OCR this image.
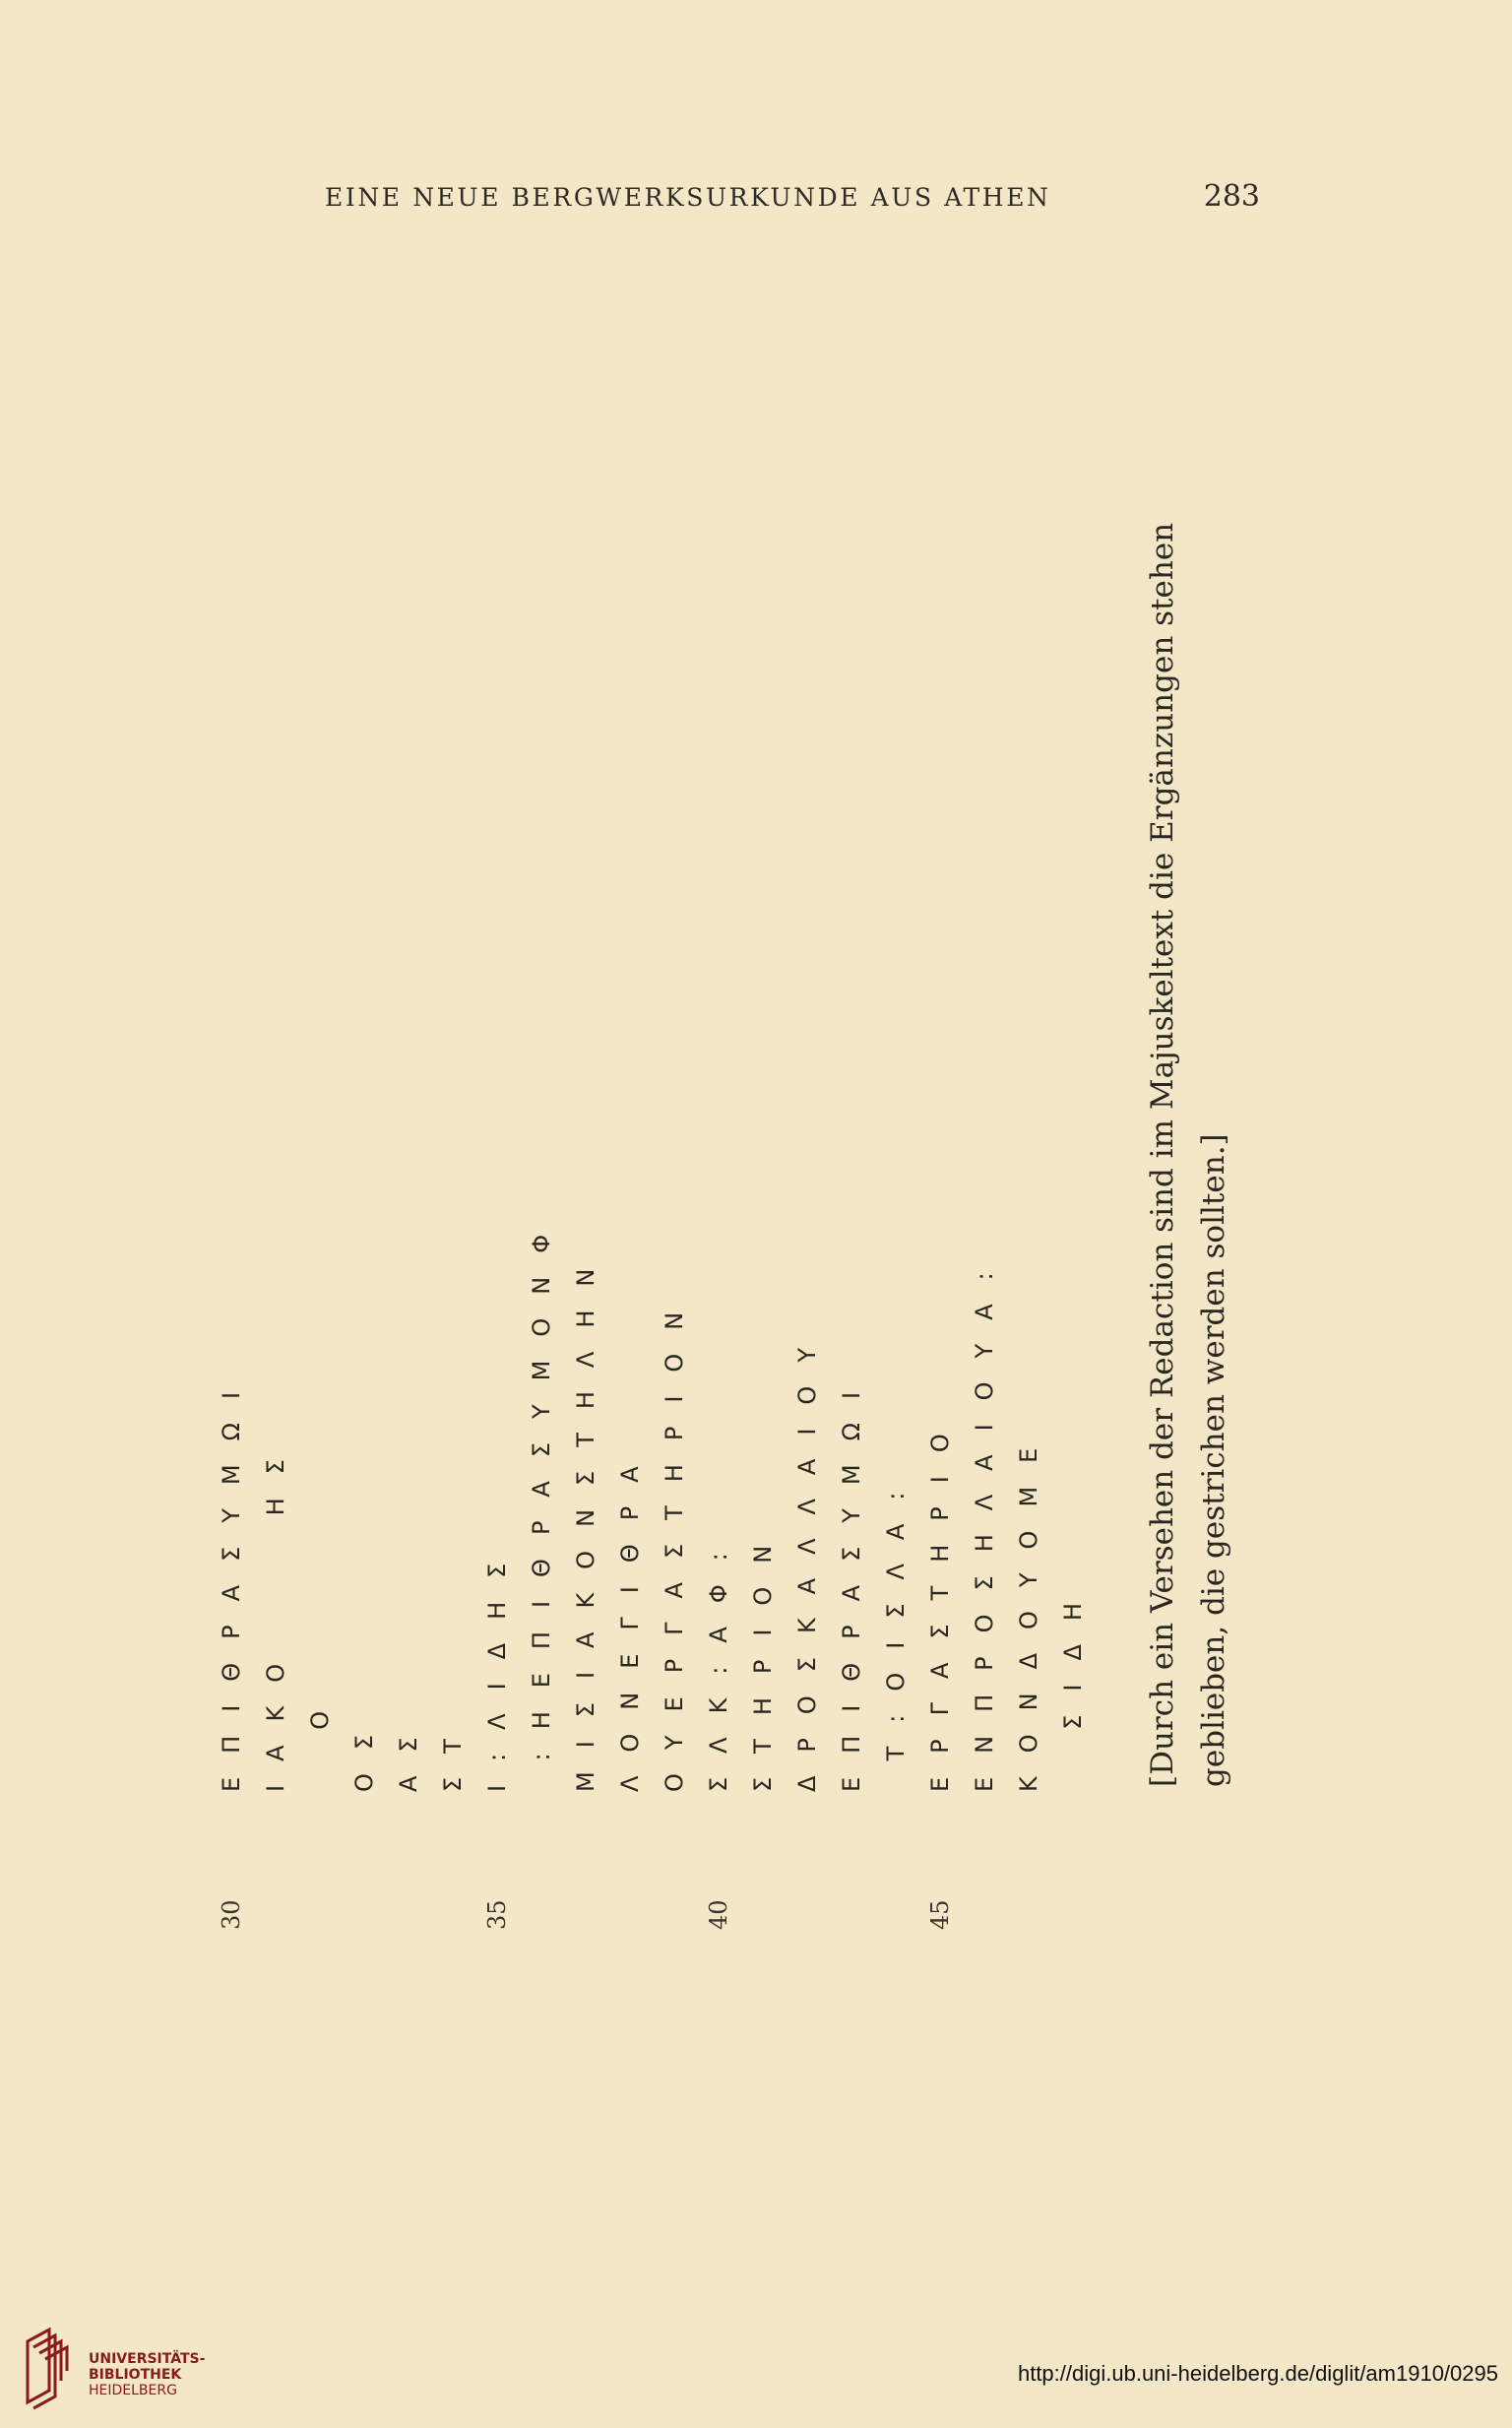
EINE NEUE BERGWERKSURKUNDE AUS ATHEN	283
30
ΕΠΙΘΡΑΣΥΜΩΙ ΙΑΚΟ    ΗΣ Ο ΟΣ ΑΣ ΣΤ
35
Ι:ΛΙΔΗΣ :ΗΕΠΙΘΡΑΣΥΜΟΝΦ ΜΙΣΙΑΚΟΝΣΤΗΛΗΝ ΛΟΝΕΓΙΘΡΑ ΟΥΕΡΓΑΣΤΗΡΙΟΝ
40
ΣΛΚ:ΑΦ: ΣΤΗΡΙΟΝ ΔΡΟΣΚΑΛΛΑΙΟΥ ΕΠΙΘΡΑΣΥΜΩΙ Τ:ΟΙΣΛΑ:
45
ΕΡΓΑΣΤΗΡΙΟ ΕΝΠΡΟΣΗΛΑΙΟΥΑ: ΚΟΝΔΟΥΟΜΕ ΣΙΔΗ [Durch ein Versehen der Redaction sind im Majuskeltext die Ergänzungen stehen geblieben, die gestrichen werden sollten.]
UNIVERSITÄTS-
BIBLIOTHEK
HEIDELBERG
http://digi.ub.uni-heidelberg.de/diglit/am1910/0295
